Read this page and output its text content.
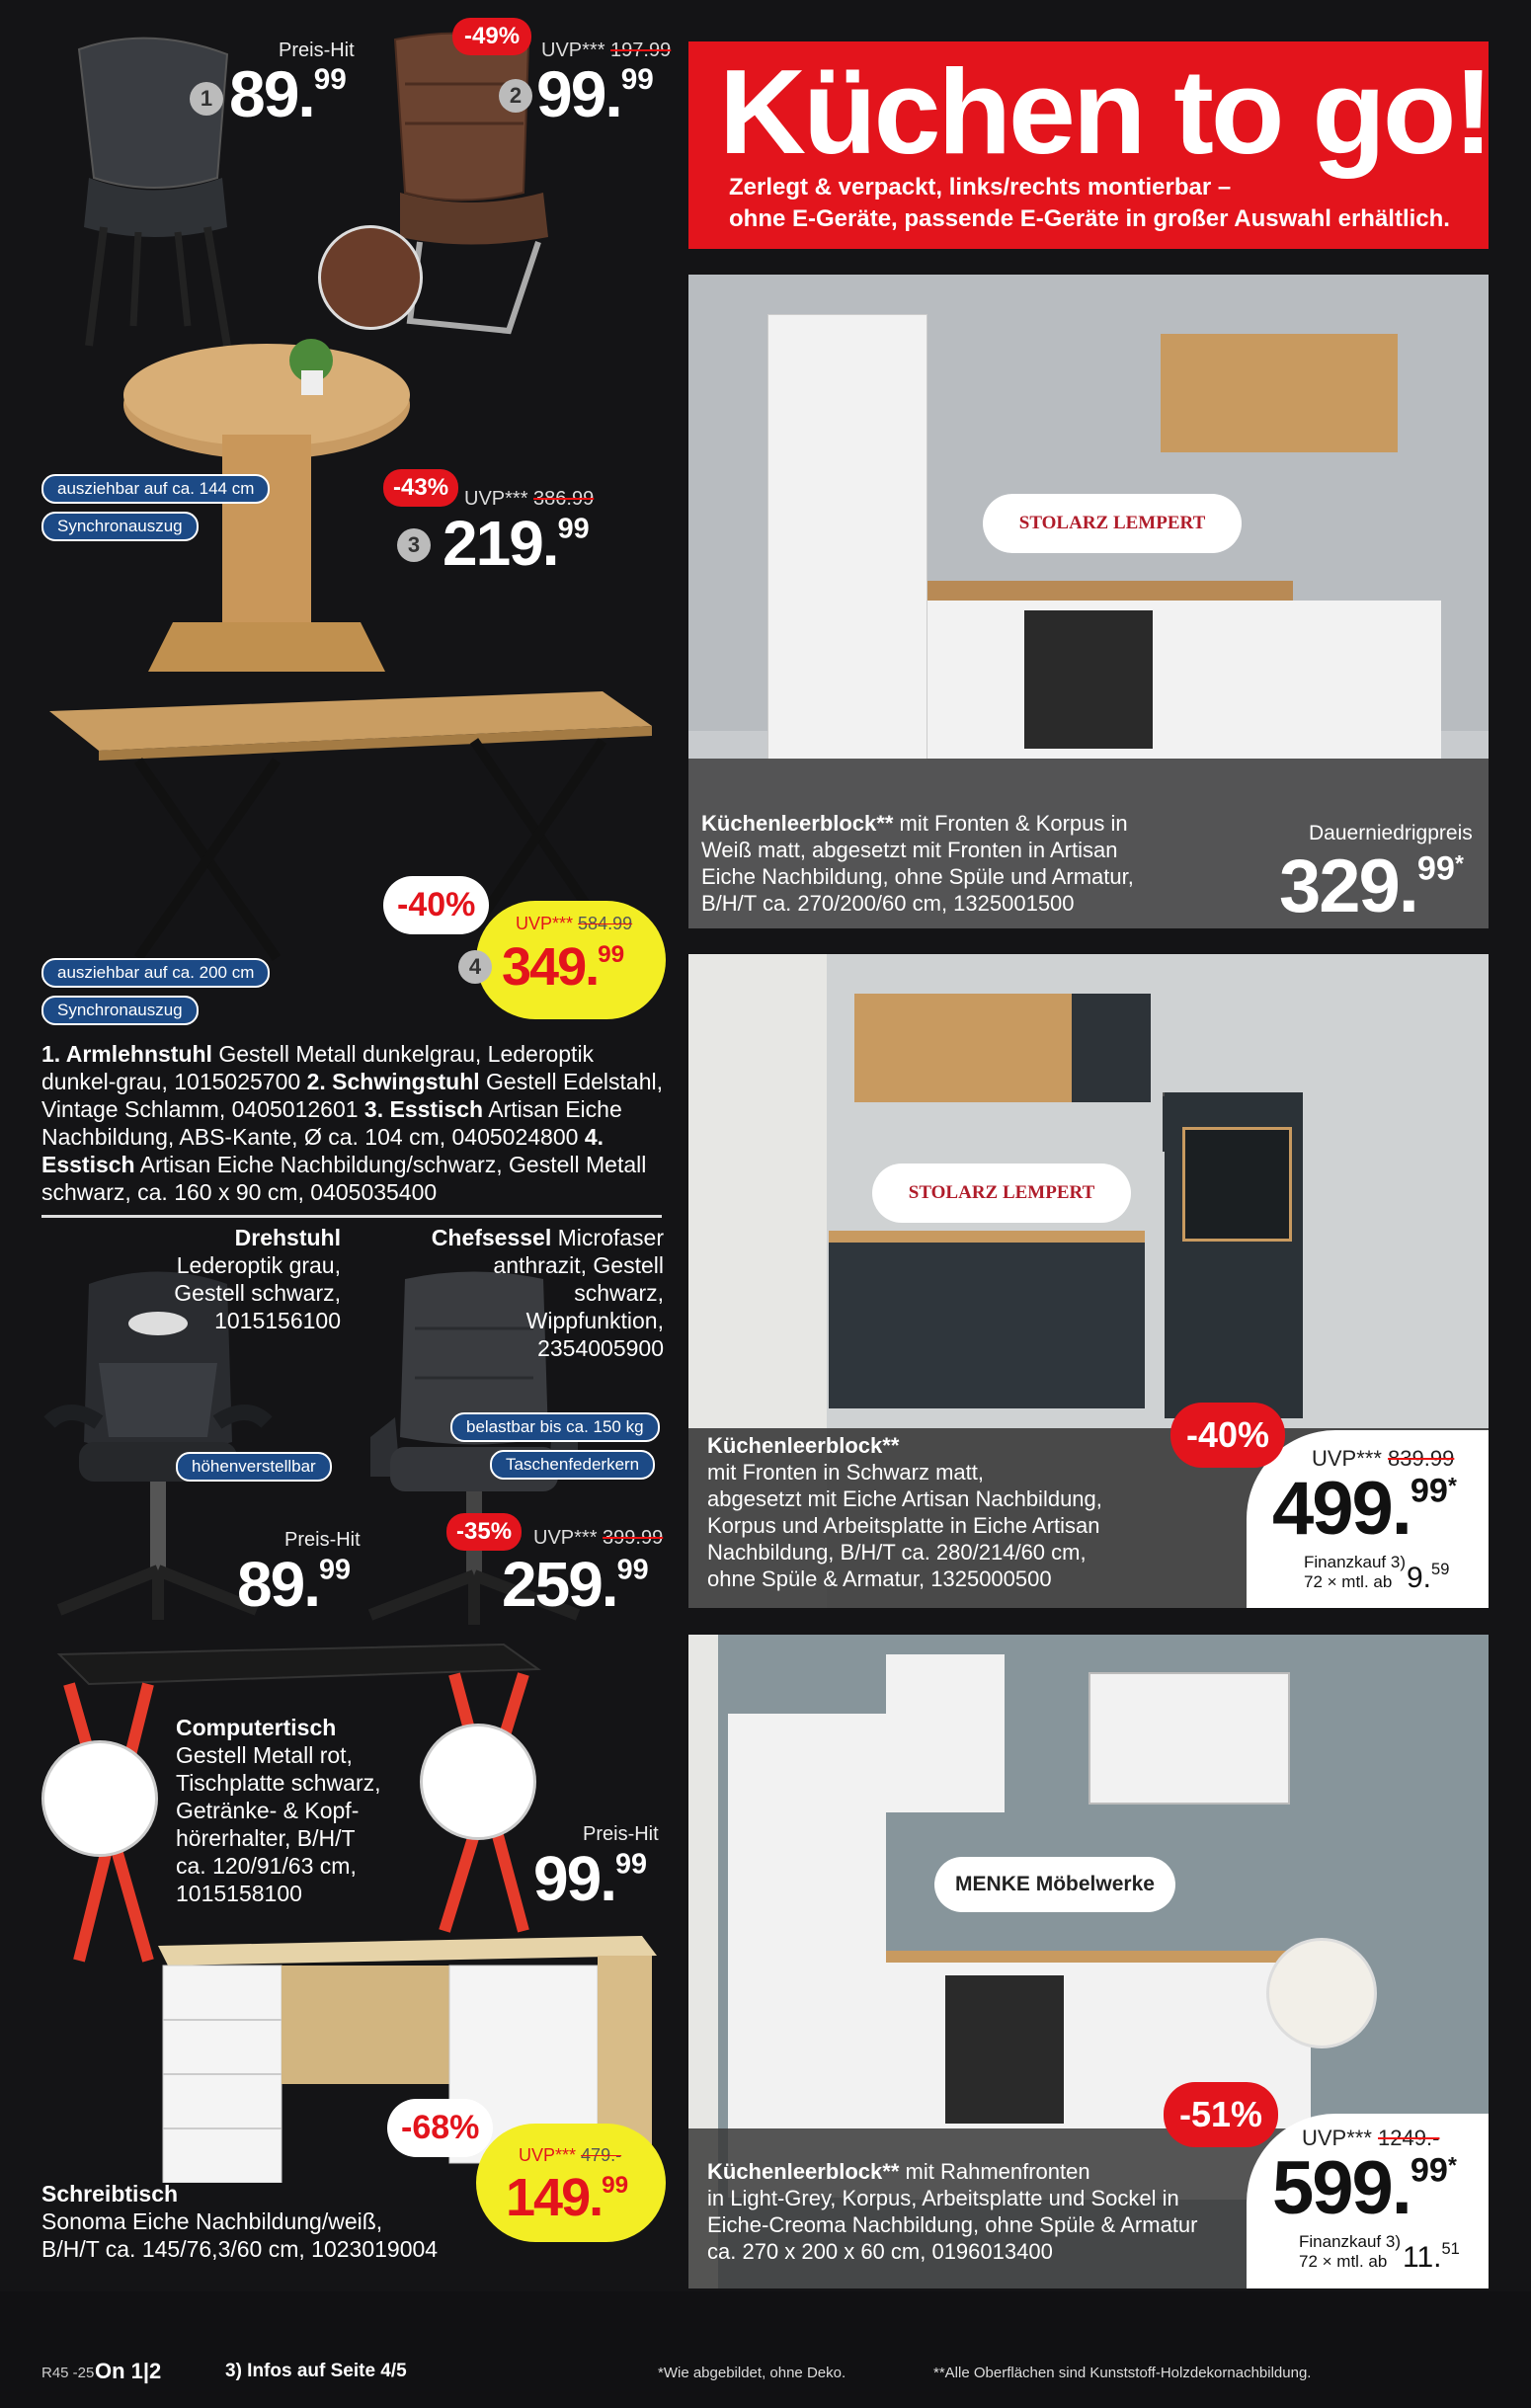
Preis-Hit
1 89.99
-49%
UVP*** 197.99
2 99.99
ausziehbar auf ca. 144 cm
Synchronauszug
-43% UVP*** 386.99
3 219.99
ausziehbar auf ca. 200 cm
Synchronauszug
-40%	UVP*** 584.99
4 349.99
1. Armlehnstuhl Gestell Metall dunkelgrau, Lederoptik dunkel-grau, 1015025700 2. Schwingstuhl Gestell Edelstahl, Vintage Schlamm, 0405012601 3. Esstisch Artisan Eiche Nachbildung, ABS-Kante, Ø ca. 104 cm, 0405024800 4. Esstisch Artisan Eiche Nachbildung/schwarz, Gestell Metall schwarz, ca. 160 x 90 cm, 0405035400
Drehstuhl
Lederoptik grau,
Gestell schwarz,
1015156100
höhenverstellbar
Preis-Hit
89.99
Chefsessel Microfaser
anthrazit, Gestell
schwarz,
Wippfunktion,
2354005900
belastbar bis ca. 150 kg
Taschenfederkern
-35%	UVP*** 399.99
259.99
Computertisch
Gestell Metall rot,
Tischplatte schwarz,
Getränke- & Kopf-
hörerhalter, B/H/T
ca. 120/91/63 cm,
1015158100
Preis-Hit
99.99
-68%
UVP*** 479.-
149.99
Schreibtisch
Sonoma Eiche Nachbildung/weiß,
B/H/T ca. 145/76,3/60 cm, 1023019004
Küchen to go!
Zerlegt & verpackt, links/rechts montierbar –
ohne E-Geräte, passende E-Geräte in großer Auswahl erhältlich.
STOLARZ LEMPERT
Küchenleerblock** mit Fronten & Korpus in
Weiß matt, abgesetzt mit Fronten in Artisan
Eiche Nachbildung, ohne Spüle und Armatur,
B/H/T ca. 270/200/60 cm, 1325001500
Dauerniedrigpreis
329.$^{99*}$
STOLARZ LEMPERT
Küchenleerblock**
mit Fronten in Schwarz matt,
abgesetzt mit Eiche Artisan Nachbildung,
Korpus und Arbeitsplatte in Eiche Artisan
Nachbildung, B/H/T ca. 280/214/60 cm,
ohne Spüle & Armatur, 1325000500
-40%
UVP*** 839.99
499.$^{99*}$
Finanzkauf 3)
72 × mtl. ab 9.59
MENKE Möbelwerke
Küchenleerblock** mit Rahmenfronten
in Light-Grey, Korpus, Arbeitsplatte und Sockel in
Eiche-Creoma Nachbildung, ohne Spüle & Armatur
ca. 270 x 200 x 60 cm, 0196013400
-51%
UVP*** 1249.-
599.$^{99*}$
Finanzkauf 3)
72 × mtl. ab 11.51
R45 -25 On 1|2	3) Infos auf Seite 4/5	*Wie abgebildet, ohne Deko.	**Alle Oberflächen sind Kunststoff-Holzdekornachbildung.
